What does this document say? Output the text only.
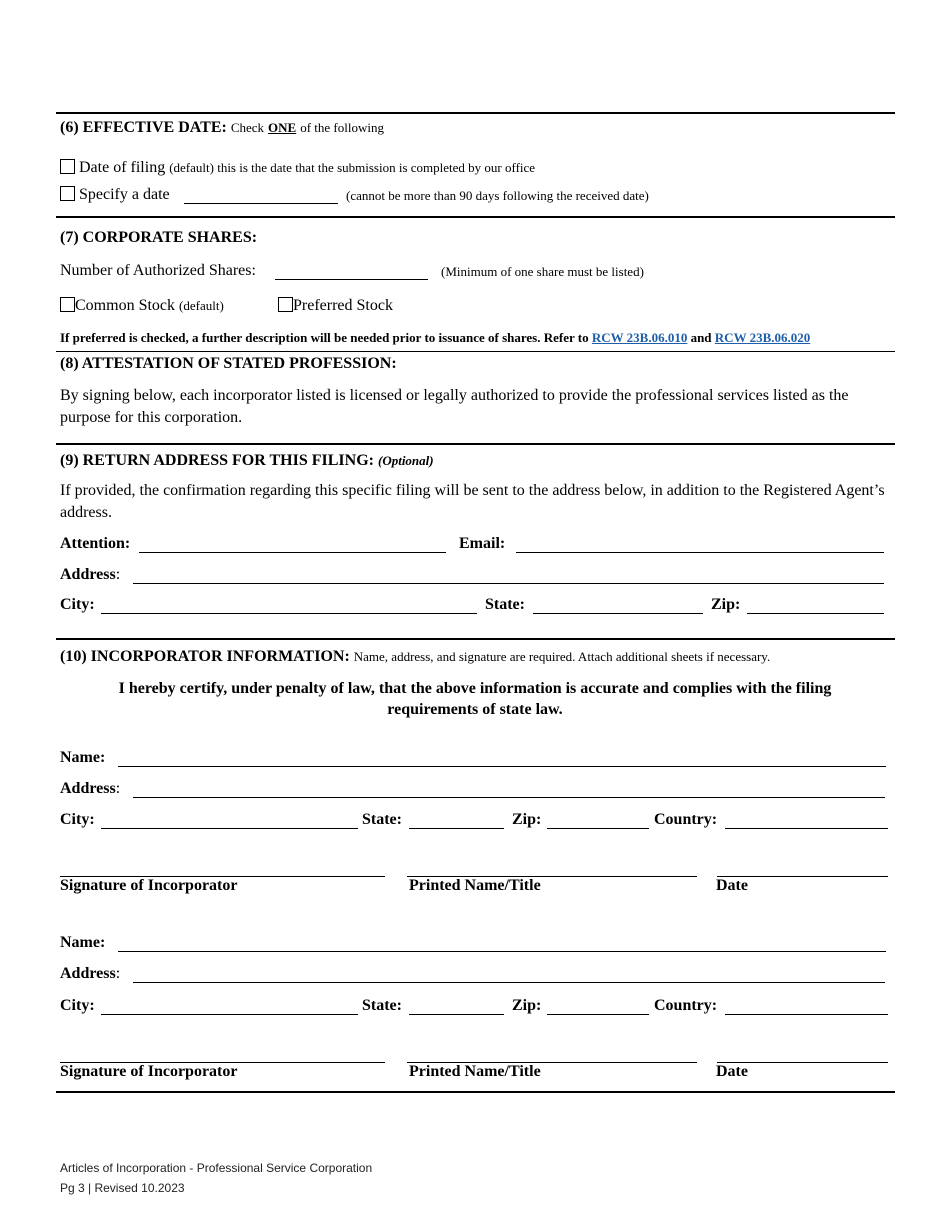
(6) EFFECTIVE DATE: Check ONE of the following
Date of filing (default) this is the date that the submission is completed by our office
Specify a date	(cannot be more than 90 days following the received date)
(7) CORPORATE SHARES:
Number of Authorized Shares:	(Minimum of one share must be listed)
Common Stock (default)	Preferred Stock
If preferred is checked, a further description will be needed prior to issuance of shares. Refer to RCW 23B.06.010 and RCW 23B.06.020
(8) ATTESTATION OF STATED PROFESSION:
By signing below, each incorporator listed is licensed or legally authorized to provide the professional services listed as the purpose for this corporation.
(9) RETURN ADDRESS FOR THIS FILING: (Optional)
If provided, the confirmation regarding this specific filing will be sent to the address below, in addition to the Registered Agent’s address.
Attention:	Email:
Address:
City:	State:	Zip:
(10) INCORPORATOR INFORMATION: Name, address, and signature are required. Attach additional sheets if necessary.
I hereby certify, under penalty of law, that the above information is accurate and complies with the filing requirements of state law.
Name:
Address:
City:	State:	Zip:	Country:
Signature of Incorporator	Printed Name/Title	Date
Name:
Address:
City:	State:	Zip:	Country:
Signature of Incorporator	Printed Name/Title	Date
Articles of Incorporation - Professional Service Corporation
Pg 3 | Revised 10.2023
